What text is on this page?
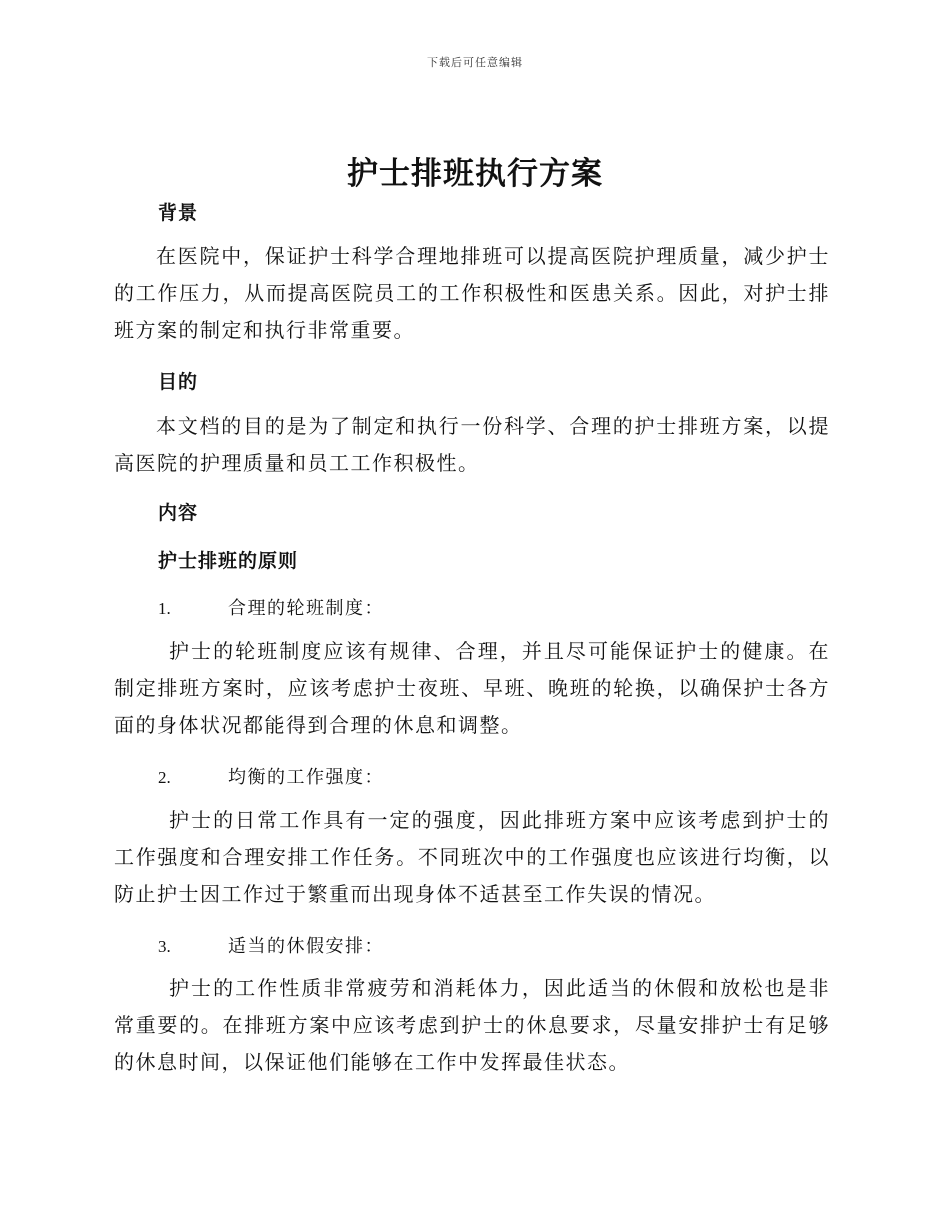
下载后可任意编辑
护士排班执行方案
背景

在医院中，保证护士科学合理地排班可以提高医院护理质量，减少护士的工作压力，从而提高医院员工的工作积极性和医患关系。因此，对护士排班方案的制定和执行非常重要。

目的

本文档的目的是为了制定和执行一份科学、合理的护士排班方案，以提高医院的护理质量和员工工作积极性。

内容
护士排班的原则
1.	合理的轮班制度：

护士的轮班制度应该有规律、合理，并且尽可能保证护士的健康。在制定排班方案时，应该考虑护士夜班、早班、晚班的轮换，以确保护士各方面的身体状况都能得到合理的休息和调整。

2.	均衡的工作强度：

护士的日常工作具有一定的强度，因此排班方案中应该考虑到护士的工作强度和合理安排工作任务。不同班次中的工作强度也应该进行均衡，以防止护士因工作过于繁重而出现身体不适甚至工作失误的情况。

3.	适当的休假安排：

护士的工作性质非常疲劳和消耗体力，因此适当的休假和放松也是非常重要的。在排班方案中应该考虑到护士的休息要求，尽量安排护士有足够的休息时间，以保证他们能够在工作中发挥最佳状态。
